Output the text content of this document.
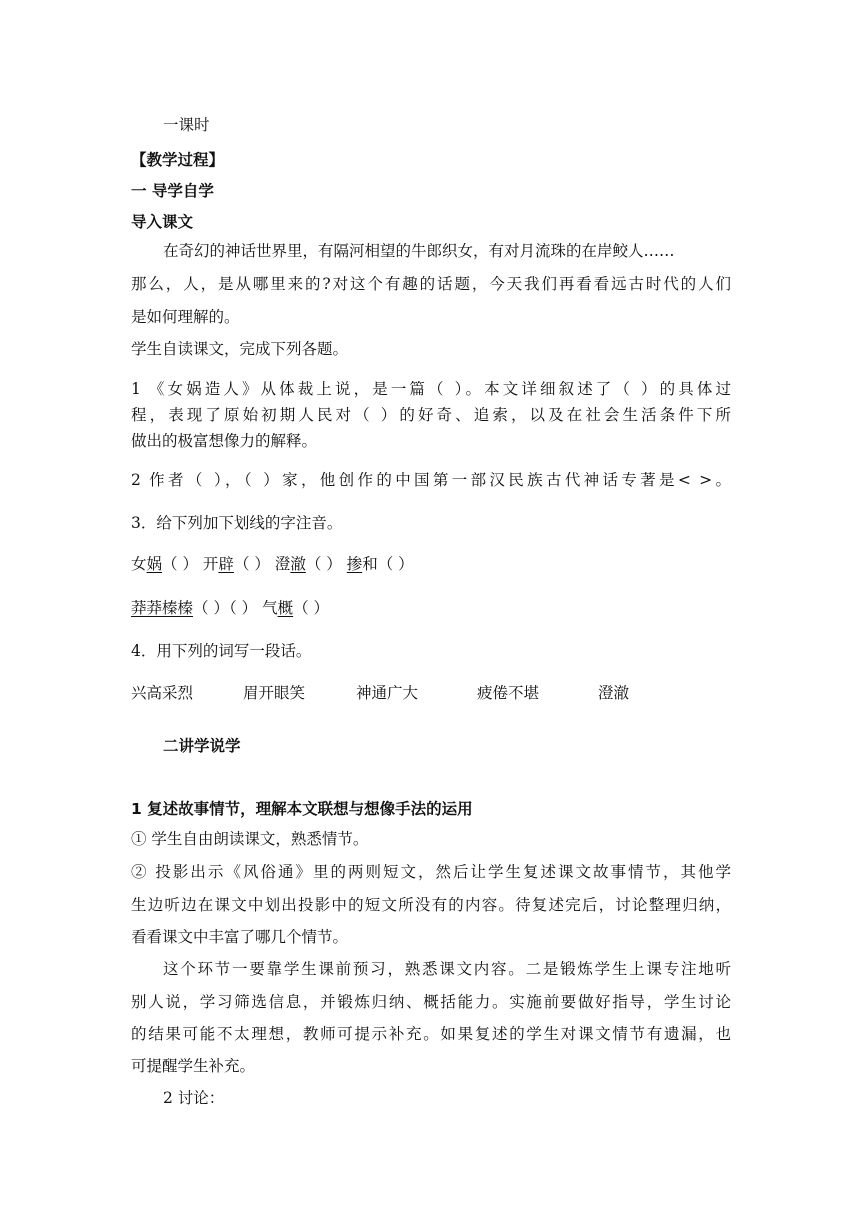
一课时
【教学过程】
一 导学自学
导入课文
在奇幻的神话世界里，有隔河相望的牛郎织女，有对月流珠的在岸鲛人……
那么，人，是从哪里来的?对这个有趣的话题，今天我们再看看远古时代的人们
是如何理解的。
学生自读课文，完成下列各题。
1 《女娲造人》从体裁上说，是一篇（ ）。本文详细叙述了（ ）的具体过
程，表现了原始初期人民对（ ）的好奇、追索，以及在社会生活条件下所
做出的极富想像力的解释。
2 作者（ ），（ ）家，他创作的中国第一部汉民族古代神话专著是< >。
3．给下列加下划线的字注音。
女娲（ ） 开辟（ ） 澄澈（ ） 掺和（ ）
莽莽榛榛（ ）（ ） 气概（ ）
4．用下列的词写一段话。
兴高采烈	眉开眼笑	神通广大	疲倦不堪	澄澈
二讲学说学
1 复述故事情节，理解本文联想与想像手法的运用
① 学生自由朗读课文，熟悉情节。
② 投影出示《风俗通》里的两则短文，然后让学生复述课文故事情节，其他学
生边听边在课文中划出投影中的短文所没有的内容。待复述完后，讨论整理归纳，
看看课文中丰富了哪几个情节。
这个环节一要靠学生课前预习，熟悉课文内容。二是锻炼学生上课专注地听
别人说，学习筛选信息，并锻炼归纳、概括能力。实施前要做好指导，学生讨论
的结果可能不太理想，教师可提示补充。如果复述的学生对课文情节有遗漏，也
可提醒学生补充。
2 讨论：
